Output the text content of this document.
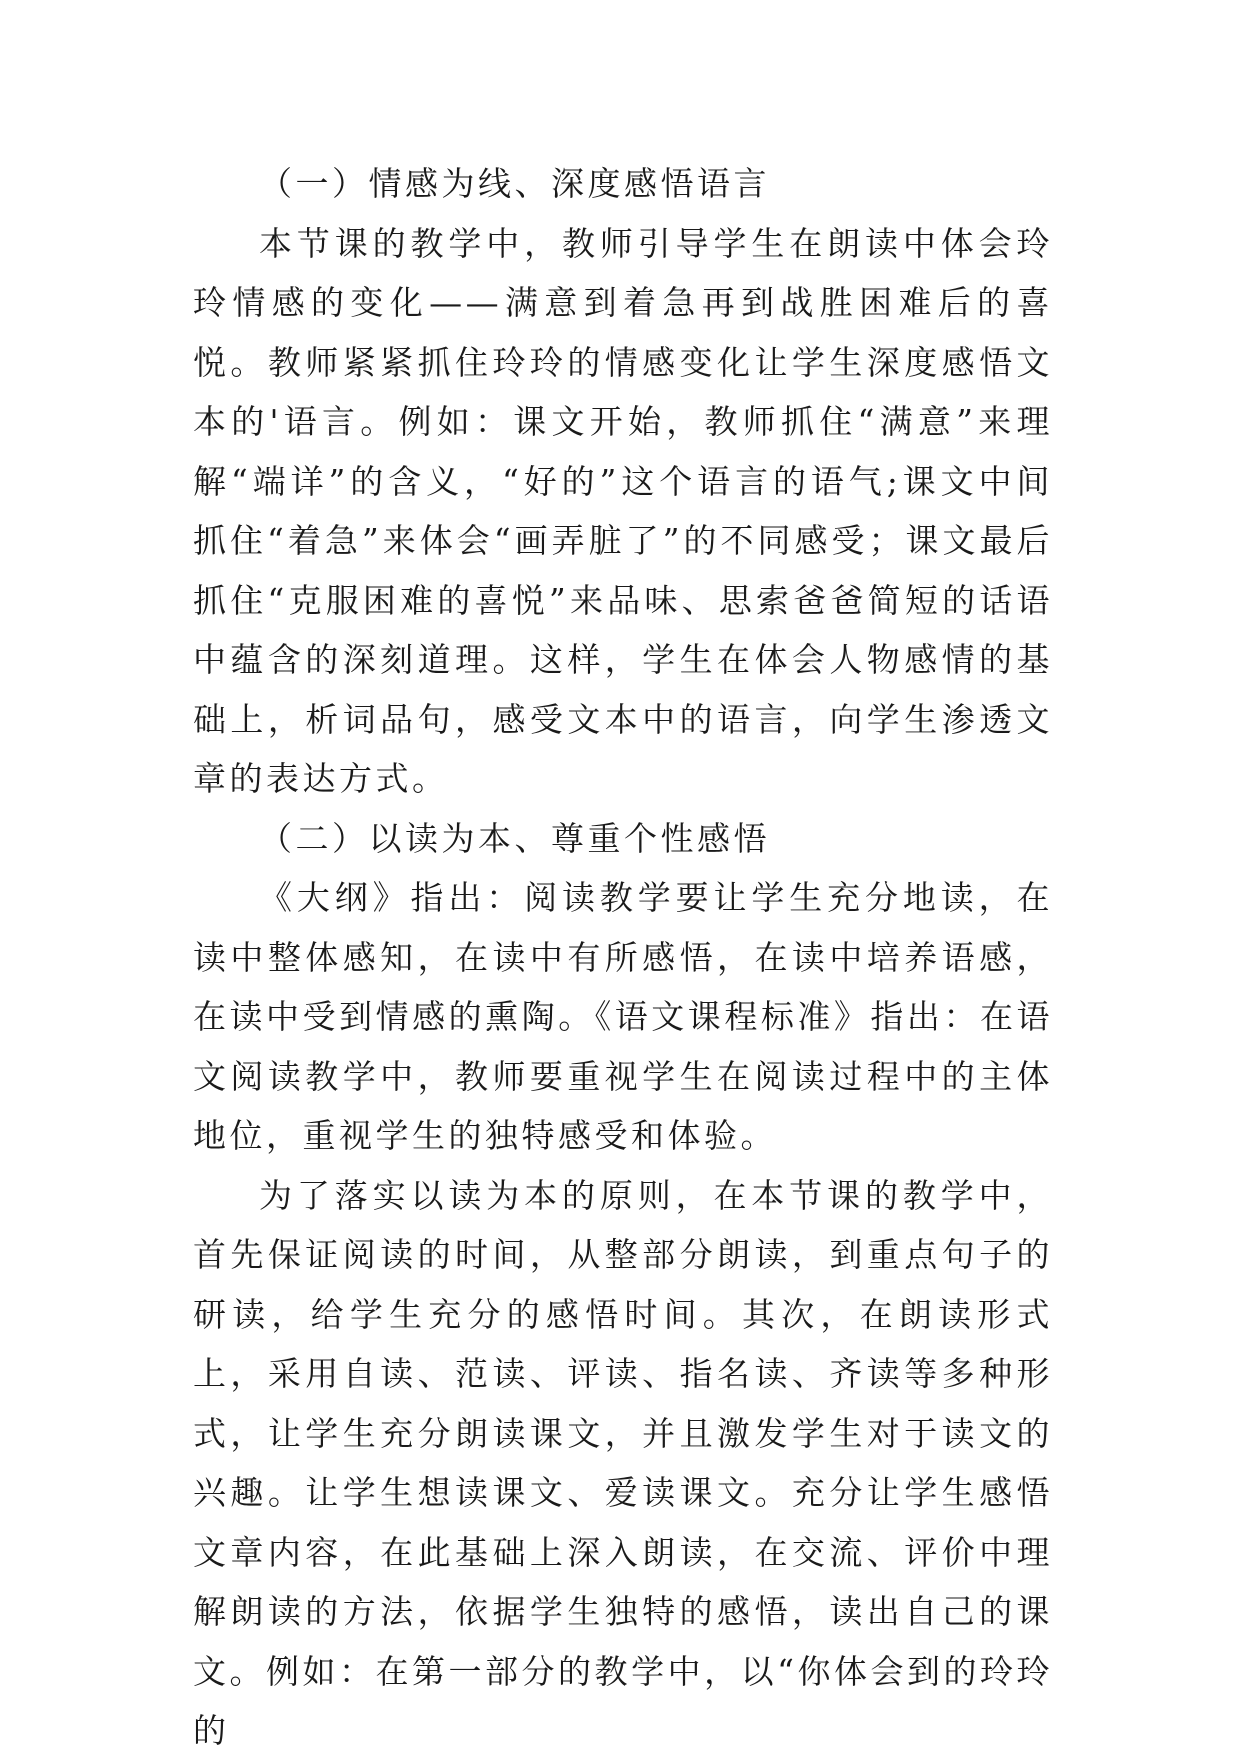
（一）情感为线、深度感悟语言

本节课的教学中，教师引导学生在朗读中体会玲玲情感的变化——满意到着急再到战胜困难后的喜悦。教师紧紧抓住玲玲的情感变化让学生深度感悟文本的'语言。例如：课文开始，教师抓住“满意”来理解“端详”的含义，“好的”这个语言的语气;课文中间抓住“着急”来体会“画弄脏了”的不同感受；课文最后抓住“克服困难的喜悦”来品味、思索爸爸简短的话语中蕴含的深刻道理。这样，学生在体会人物感情的基础上，析词品句，感受文本中的语言，向学生渗透文章的表达方式。

（二）以读为本、尊重个性感悟

《大纲》指出：阅读教学要让学生充分地读，在读中整体感知，在读中有所感悟，在读中培养语感，在读中受到情感的熏陶。《语文课程标准》指出：在语文阅读教学中，教师要重视学生在阅读过程中的主体地位，重视学生的独特感受和体验。

为了落实以读为本的原则，在本节课的教学中，首先保证阅读的时间，从整部分朗读，到重点句子的研读，给学生充分的感悟时间。其次，在朗读形式上，采用自读、范读、评读、指名读、齐读等多种形式，让学生充分朗读课文，并且激发学生对于读文的兴趣。让学生想读课文、爱读课文。充分让学生感悟文章内容，在此基础上深入朗读，在交流、评价中理解朗读的方法，依据学生独特的感悟，读出自己的课文。例如：在第一部分的教学中，以“你体会到的玲玲的
